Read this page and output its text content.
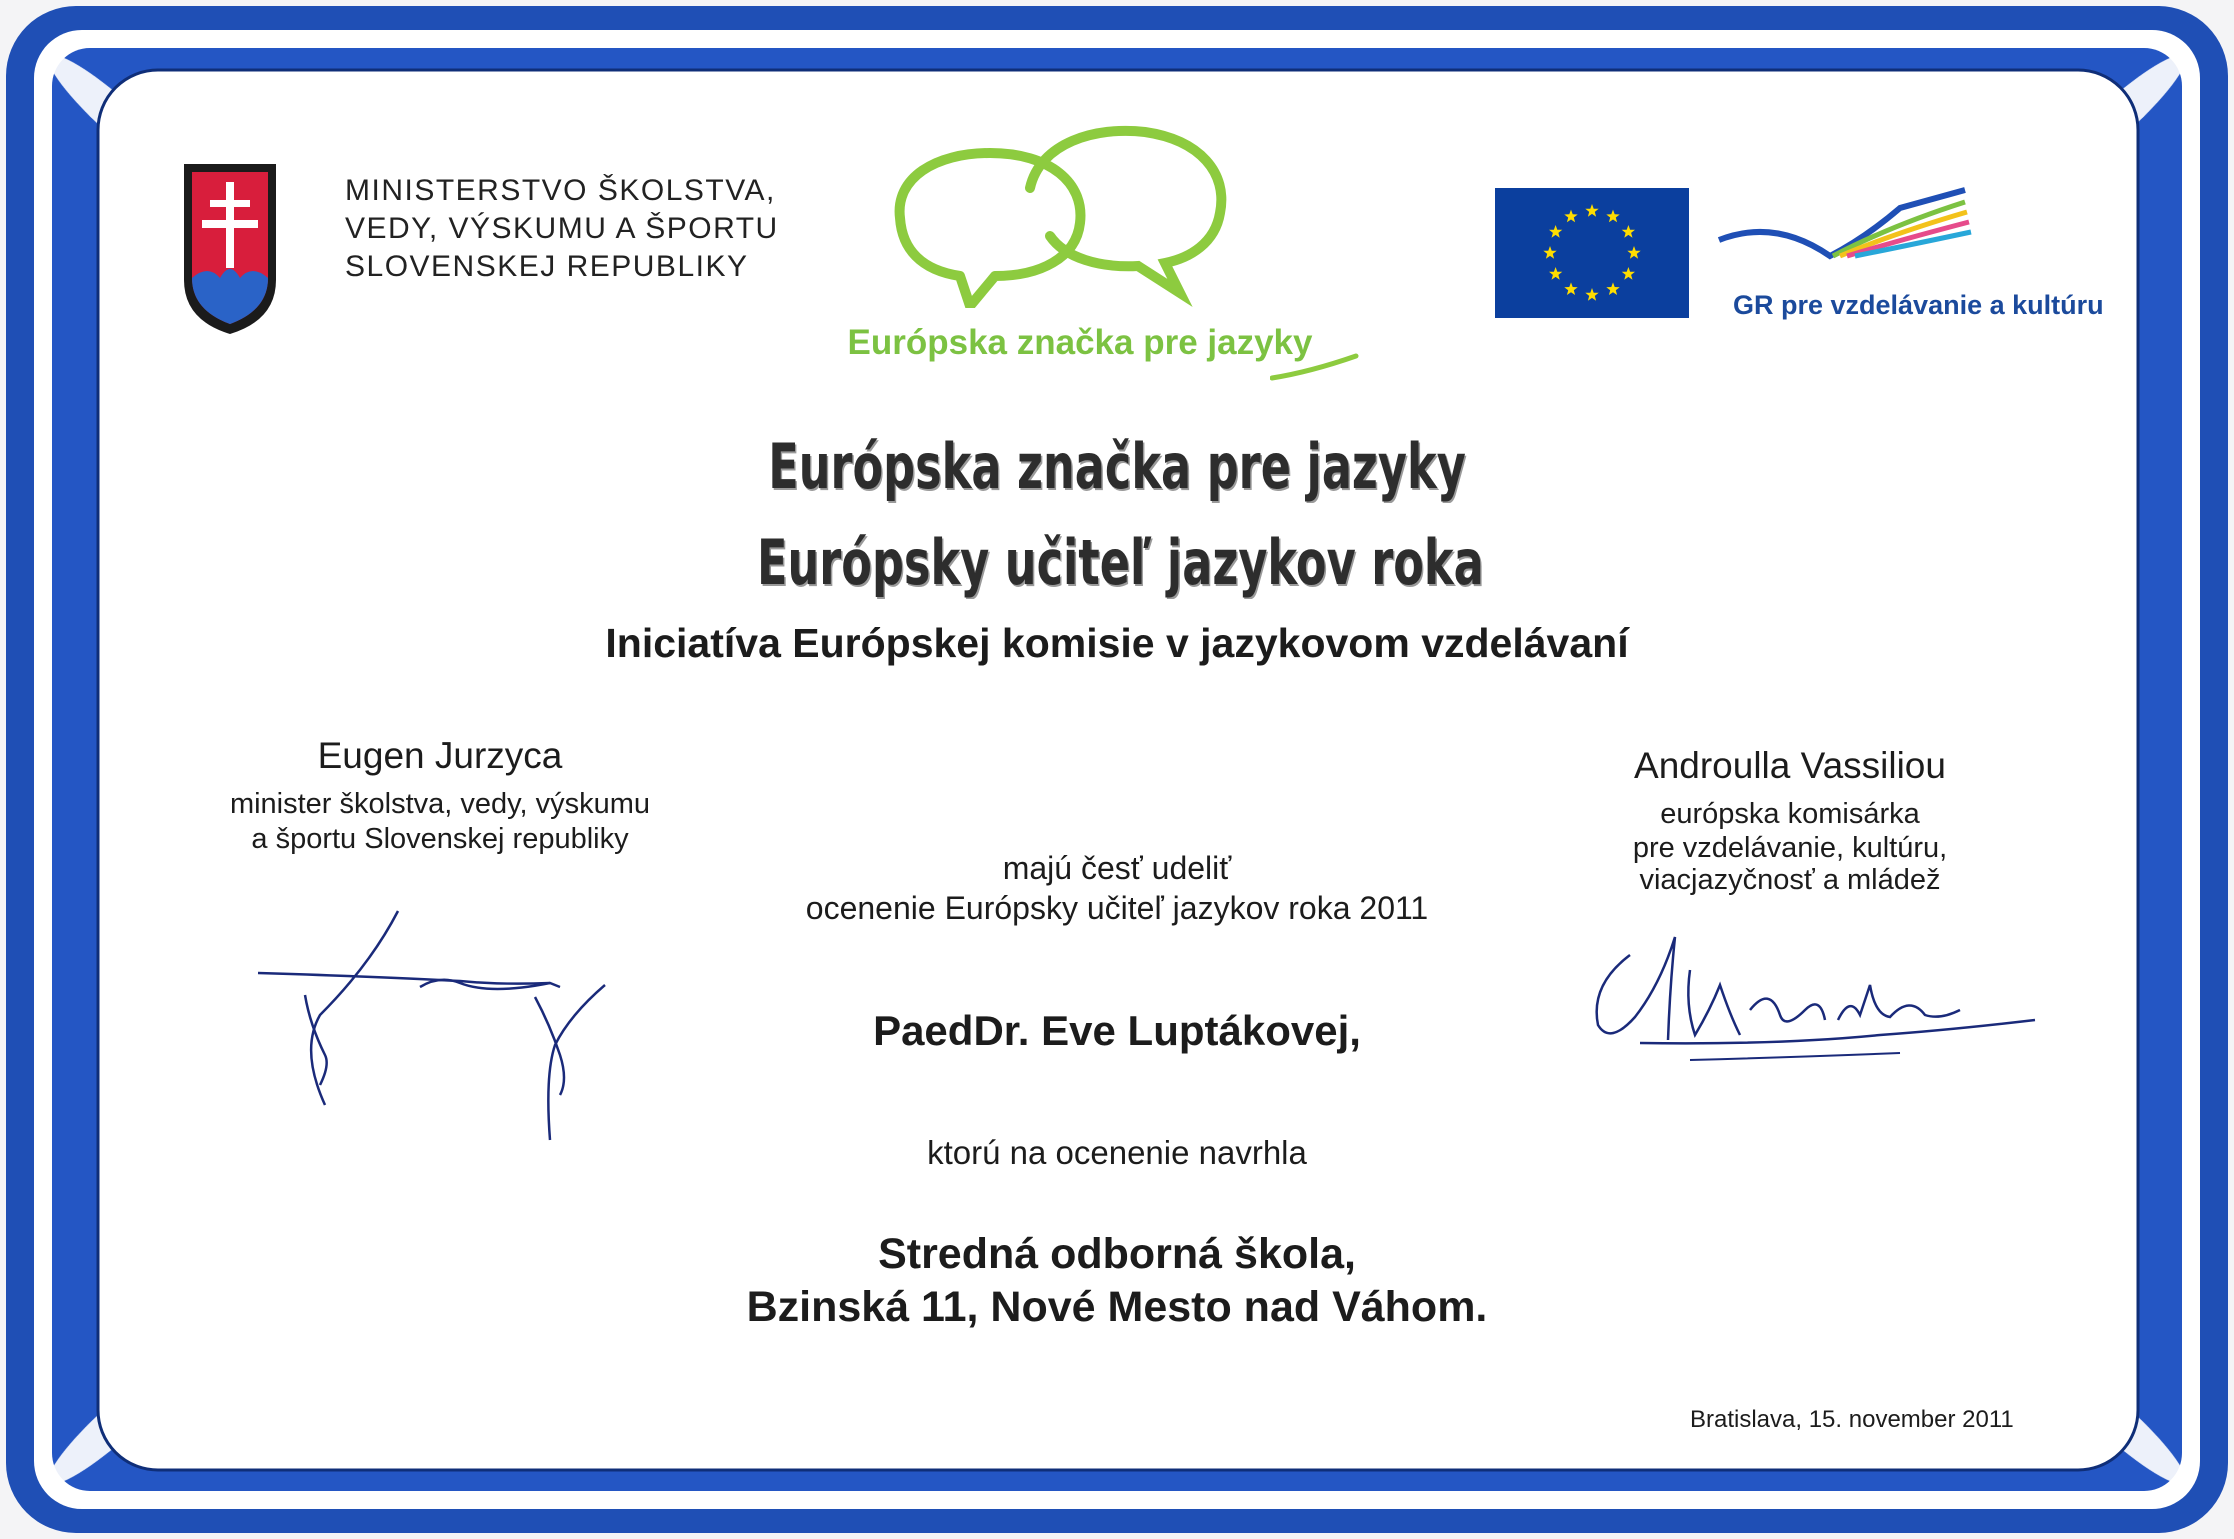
MINISTERSTVO ŠKOLSTVA,
VEDY, VÝSKUMU A ŠPORTU
SLOVENSKEJ REPUBLIKY
Európska značka pre jazyky
GR pre vzdelávanie a kultúru
Európska značka pre jazyky
Európsky učiteľ jazykov roka
Iniciatíva Európskej komisie v jazykovom vzdelávaní
Eugen Jurzyca
minister školstva, vedy, výskumu
a športu Slovenskej republiky
Androulla Vassiliou
európska komisárka
pre vzdelávanie, kultúru,
viacjazyčnosť a mládež
majú česť udeliť
ocenenie Európsky učiteľ jazykov roka 2011
PaedDr. Eve Luptákovej,
ktorú na ocenenie navrhla
Stredná odborná škola,
Bzinská 11, Nové Mesto nad Váhom.
Bratislava, 15. november 2011
